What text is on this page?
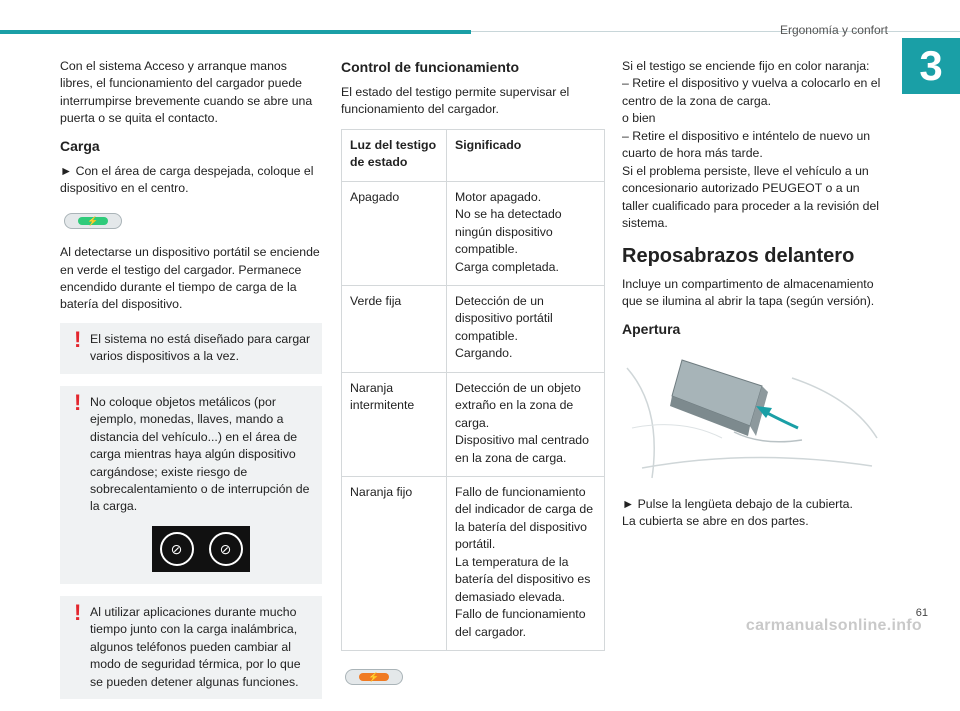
Ergonomía y confort
3

Con el sistema Acceso y arranque manos libres, el funcionamiento del cargador puede interrumpirse brevemente cuando se abre una puerta o se quita el contacto.

Carga

► Con el área de carga despejada, coloque el dispositivo en el centro.

⚡

Al detectarse un dispositivo portátil se enciende en verde el testigo del cargador. Permanece encendido durante el tiempo de carga de la batería del dispositivo.

! El sistema no está diseñado para cargar varios dispositivos a la vez.

! No coloque objetos metálicos (por ejemplo, monedas, llaves, mando a distancia del vehículo...) en el área de carga mientras haya algún dispositivo cargándose; existe riesgo de sobrecalentamiento o de interrupción de la carga.

⊘	⊘
! Al utilizar aplicaciones durante mucho tiempo junto con la carga inalámbrica, algunos teléfonos pueden cambiar al modo de seguridad térmica, por lo que se pueden detener algunas funciones.

Control de funcionamiento

El estado del testigo permite supervisar el funcionamiento del cargador.

Luz del testigo de estado	Significado
Apagado	Motor apagado.
No se ha detectado ningún dispositivo compatible.
Carga completada.
Verde fija	Detección de un dispositivo portátil compatible.
Cargando.
Naranja intermitente	Detección de un objeto extraño en la zona de carga.
Dispositivo mal centrado en la zona de carga.
Naranja fijo	Fallo de funcionamiento del indicador de carga de la batería del dispositivo portátil.
La temperatura de la batería del dispositivo es demasiado elevada.
Fallo de funcionamiento del cargador.
⚡

Si el testigo se enciende fijo en color naranja:
– Retire el dispositivo y vuelva a colocarlo en el centro de la zona de carga.
o bien
– Retire el dispositivo e inténtelo de nuevo un cuarto de hora más tarde.
Si el problema persiste, lleve el vehículo a un concesionario autorizado PEUGEOT o a un taller cualificado para proceder a la revisión del sistema.

Reposabrazos delantero

Incluye un compartimento de almacenamiento que se ilumina al abrir la tapa (según versión).

Apertura

► Pulse la lengüeta debajo de la cubierta.
La cubierta se abre en dos partes.

61
carmanualsonline.info
